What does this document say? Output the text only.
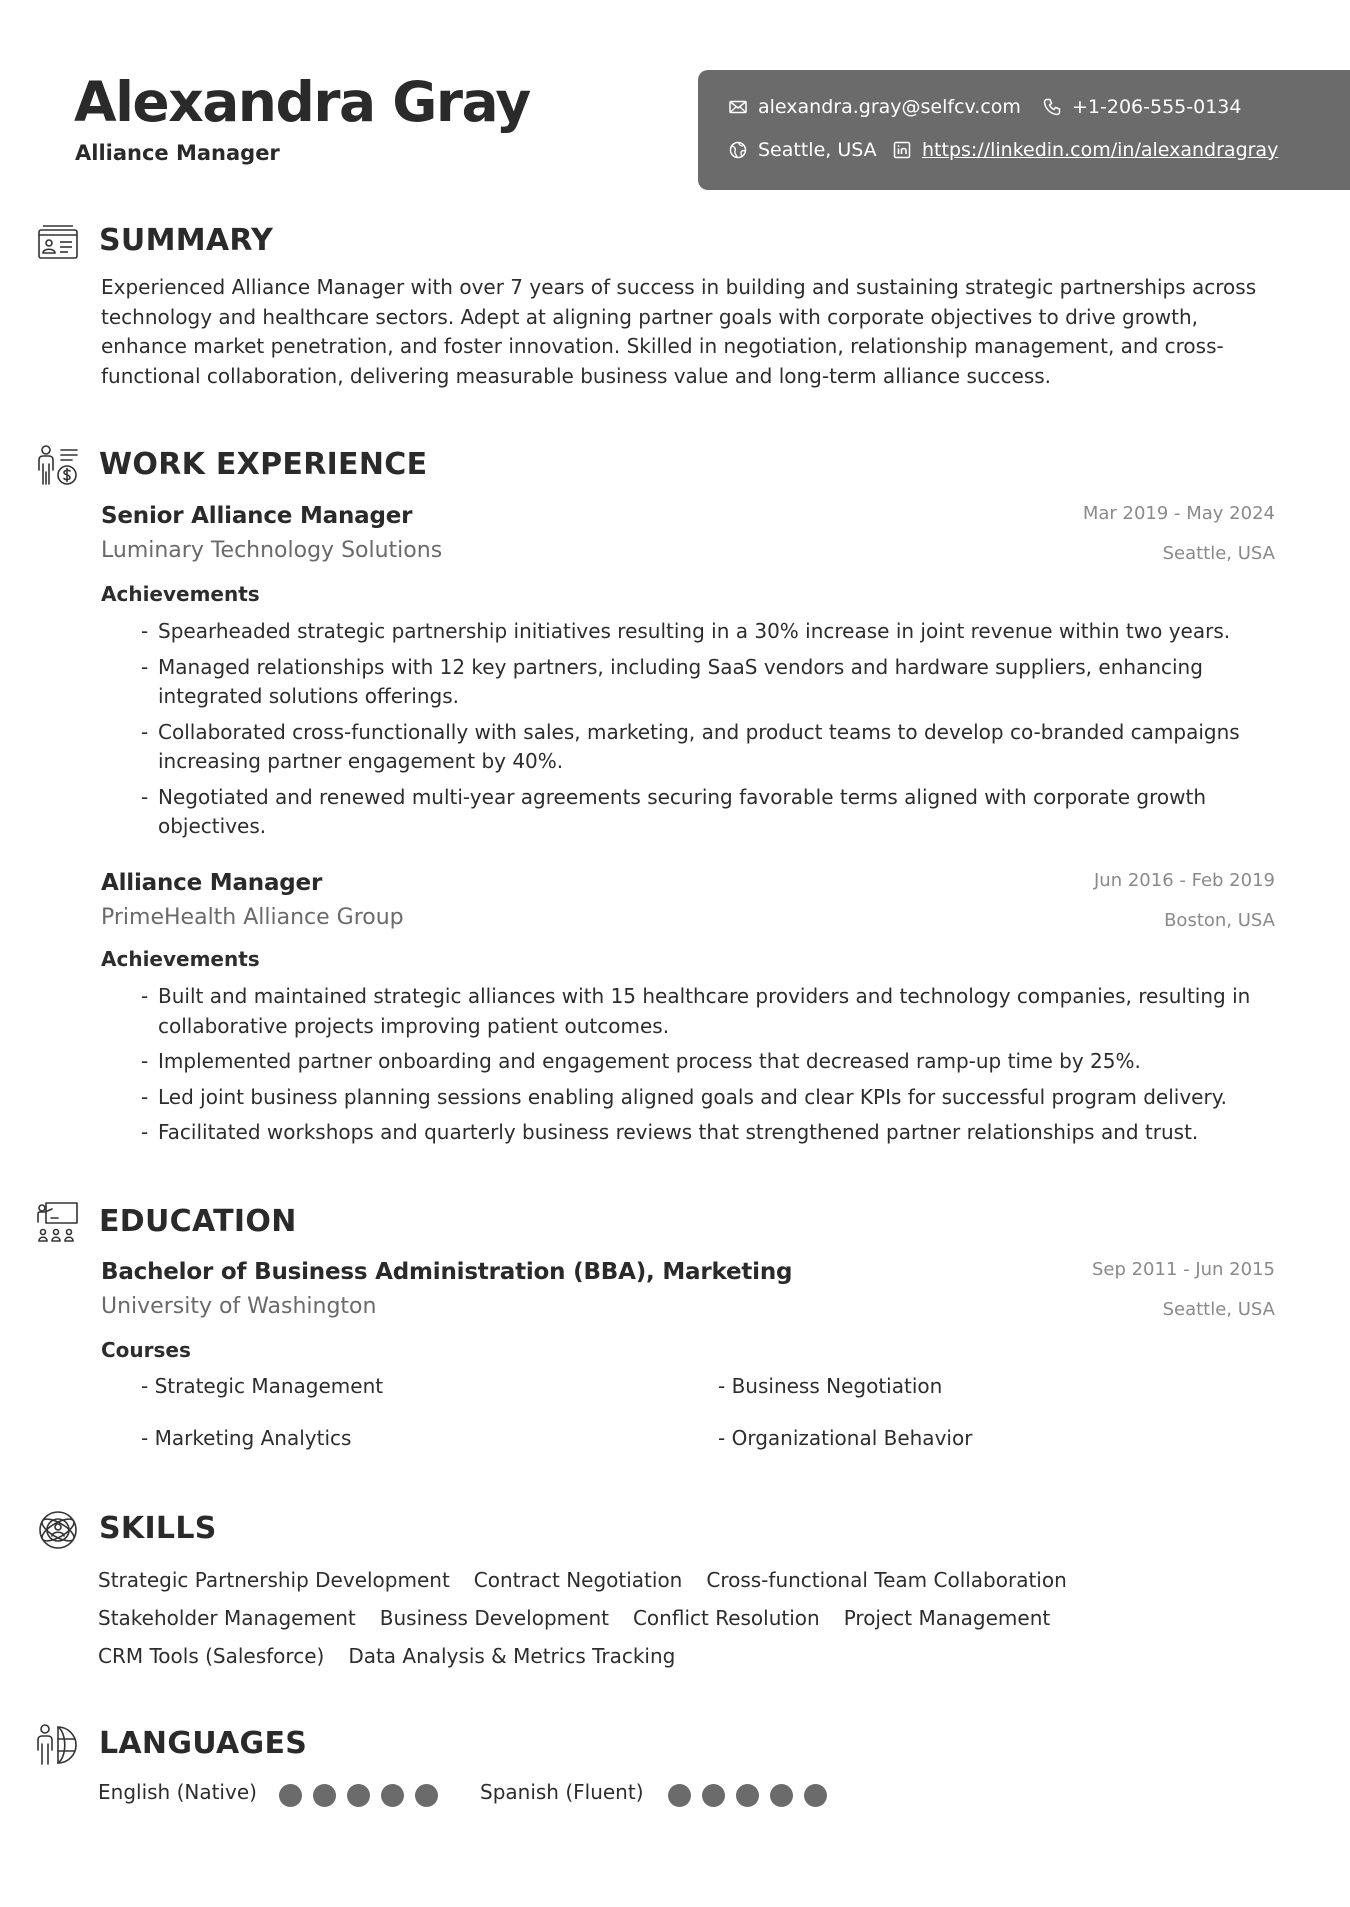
Alexandra Gray
Alliance Manager
alexandra.gray@selfcv.com	+1-206-555-0134
Seattle, USA https://linkedin.com/in/alexandragray
SUMMARY
Experienced Alliance Manager with over 7 years of success in building and sustaining strategic partnerships across technology and healthcare sectors. Adept at aligning partner goals with corporate objectives to drive growth, enhance market penetration, and foster innovation. Skilled in negotiation, relationship management, and cross-functional collaboration, delivering measurable business value and long-term alliance success.
WORK EXPERIENCE
Senior Alliance Manager	Mar 2019 - May 2024
Luminary Technology Solutions	Seattle, USA
Achievements
- Spearheaded strategic partnership initiatives resulting in a 30% increase in joint revenue within two years.
- Managed relationships with 12 key partners, including SaaS vendors and hardware suppliers, enhancing integrated solutions offerings.
- Collaborated cross-functionally with sales, marketing, and product teams to develop co-branded campaigns increasing partner engagement by 40%.
- Negotiated and renewed multi-year agreements securing favorable terms aligned with corporate growth objectives.
Alliance Manager	Jun 2016 - Feb 2019
PrimeHealth Alliance Group	Boston, USA
Achievements
- Built and maintained strategic alliances with 15 healthcare providers and technology companies, resulting in collaborative projects improving patient outcomes.
- Implemented partner onboarding and engagement process that decreased ramp-up time by 25%.
- Led joint business planning sessions enabling aligned goals and clear KPIs for successful program delivery.
- Facilitated workshops and quarterly business reviews that strengthened partner relationships and trust.
EDUCATION
Bachelor of Business Administration (BBA), Marketing	Sep 2011 - Jun 2015
University of Washington	Seattle, USA
Courses
- Strategic Management	- Business Negotiation
- Marketing Analytics	- Organizational Behavior
SKILLS
Strategic Partnership Development Contract Negotiation Cross-functional Team Collaboration
Stakeholder Management Business Development Conflict Resolution Project Management
CRM Tools (Salesforce) Data Analysis & Metrics Tracking
LANGUAGES
English (Native)	Spanish (Fluent)
